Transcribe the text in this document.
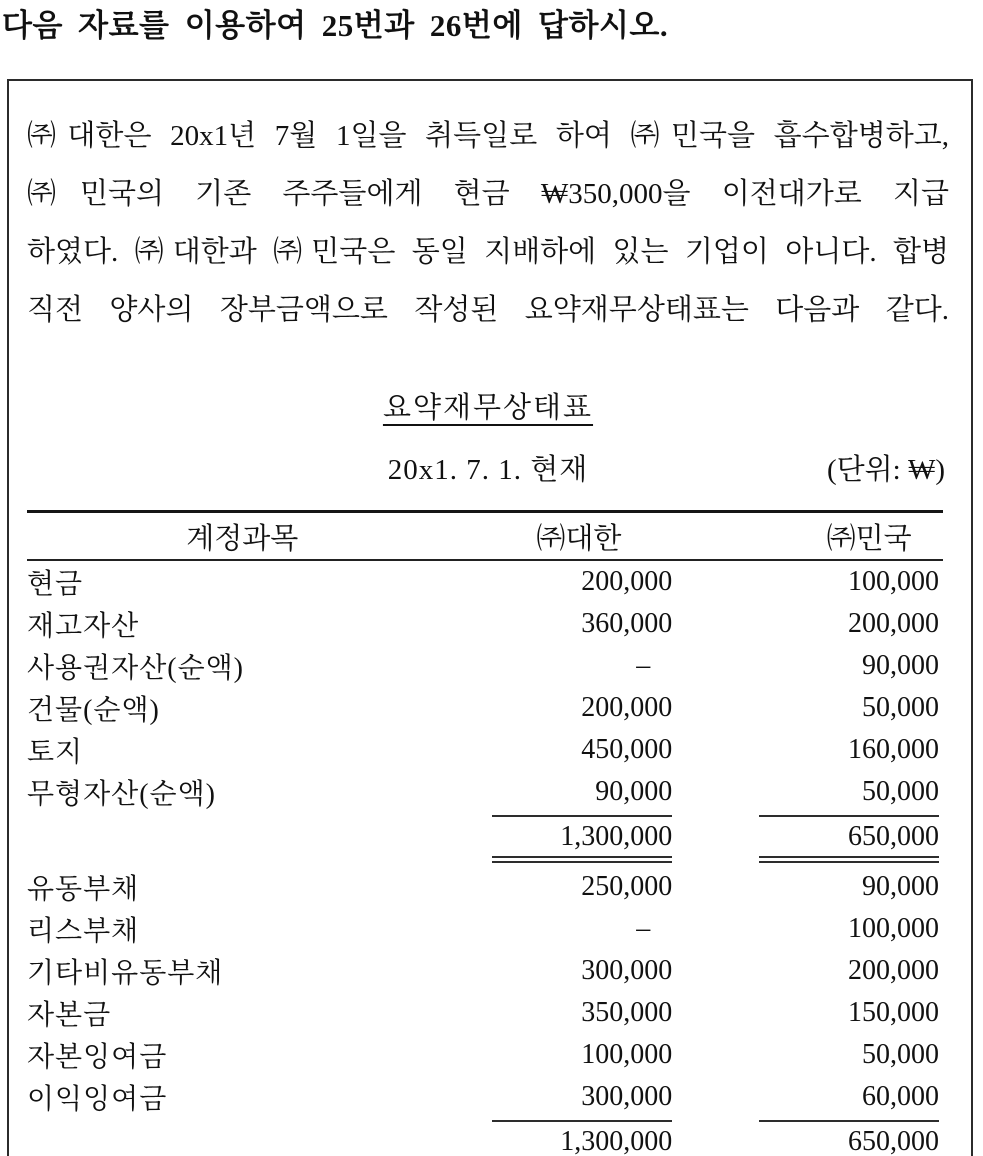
다음 자료를 이용하여 25번과 26번에 답하시오.
㈜대한은 20x1년 7월 1일을 취득일로 하여 ㈜민국을 흡수합병하고,
㈜민국의 기존 주주들에게 현금 ₩350,000을 이전대가로 지급
하였다. ㈜대한과 ㈜민국은 동일 지배하에 있는 기업이 아니다. 합병
직전 양사의 장부금액으로 작성된 요약재무상태표는 다음과 같다.
요약재무상태표
20x1. 7. 1. 현재	(단위: ₩)
계정과목	㈜대한	㈜민국
현금	200,000	100,000
재고자산	360,000	200,000
사용권자산(순액)	–	90,000
건물(순액)	200,000	50,000
토지	450,000	160,000
무형자산(순액)	90,000	50,000
	1,300,000	650,000
유동부채	250,000	90,000
리스부채	–	100,000
기타비유동부채	300,000	200,000
자본금	350,000	150,000
자본잉여금	100,000	50,000
이익잉여금	300,000	60,000
	1,300,000	650,000
